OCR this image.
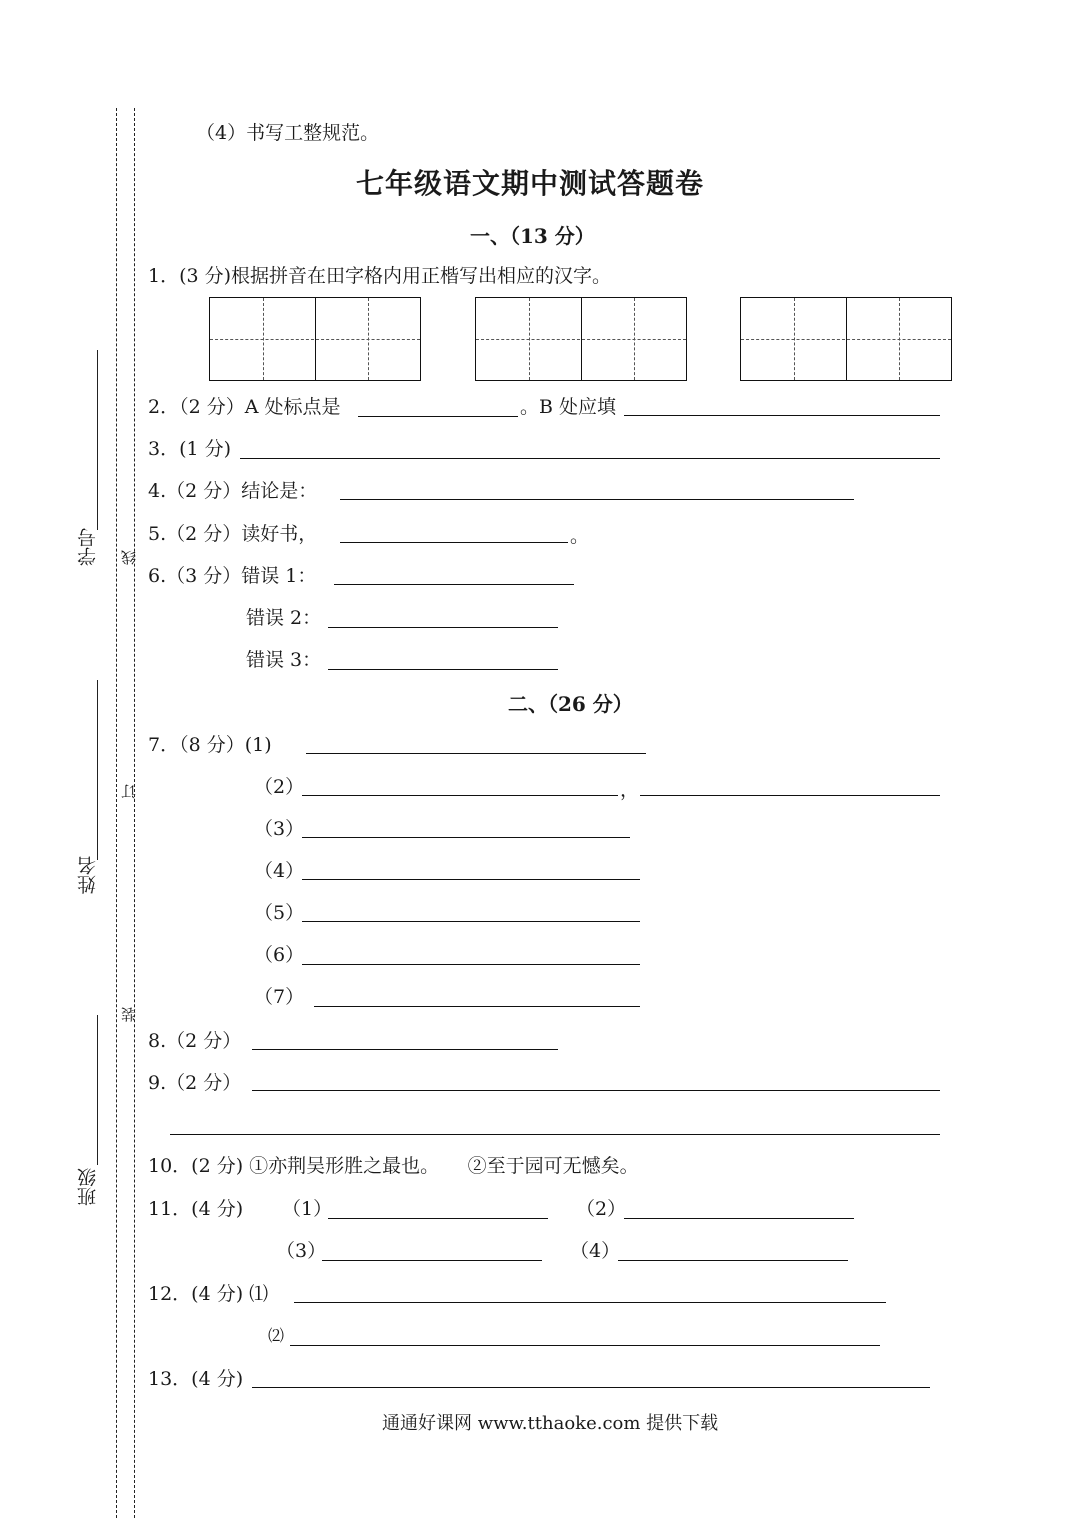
学号
姓名
班级
线
订
装
（4）书写工整规范。
七年级语文期中测试答题卷
一、（13 分）
1．(3 分)根据拼音在田字格内用正楷写出相应的汉字。
2．（2 分）A 处标点是	。B 处应填
3．(1 分)
4.（2 分）结论是：
5.（2 分）读好书，	。
6.（3 分）错误 1：
错误 2：
错误 3：
二、（26 分）
7．（8 分）(1)
（2）	，
（3）
（4）
（5）
（6）
（7）
8.（2 分）
9.（2 分）
10．(2 分) ①亦荆吴形胜之最也。　　②至于园可无憾矣。
11．(4 分) （1）	（2）
（3）	（4）
12．(4 分) ⑴
⑵
13．(4 分)
通通好课网 www.tthaoke.com 提供下载
